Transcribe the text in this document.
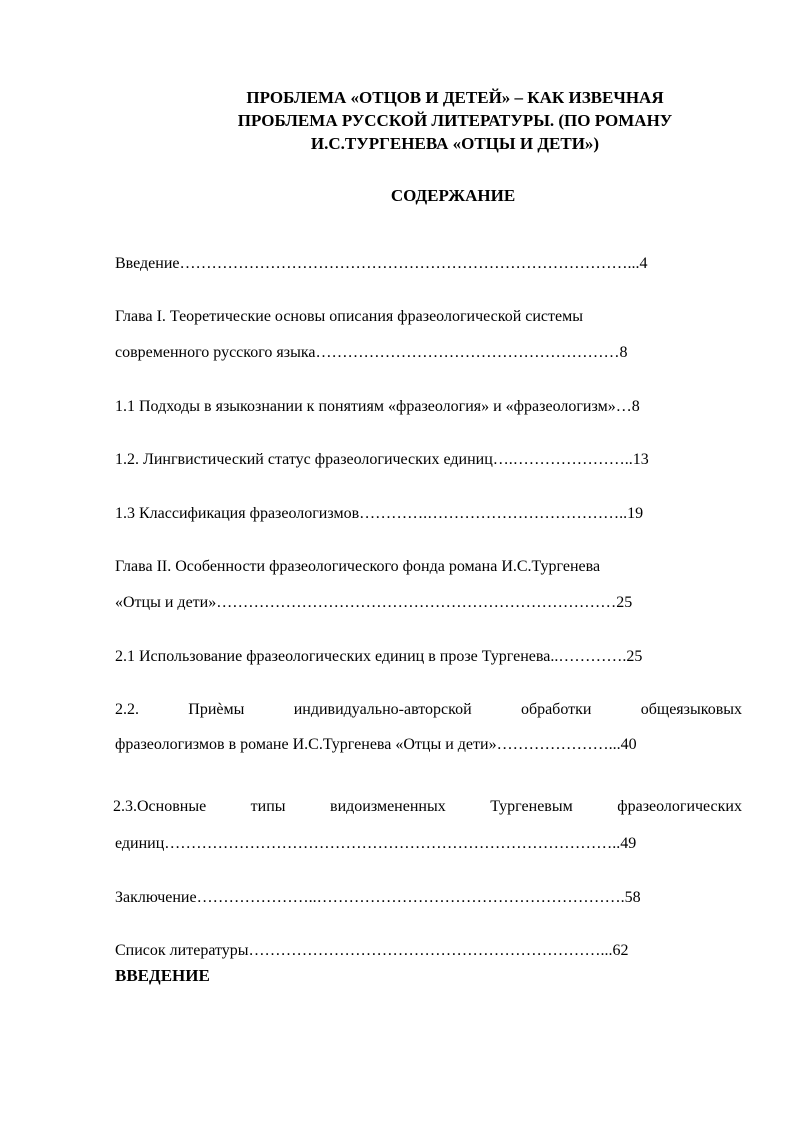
ПРОБЛЕМА «ОТЦОВ И ДЕТЕЙ» – КАК ИЗВЕЧНАЯ
ПРОБЛЕМА РУССКОЙ ЛИТЕРАТУРЫ. (ПО РОМАНУ
И.С.ТУРГЕНЕВА «ОТЦЫ И ДЕТИ»)
СОДЕРЖАНИЕ
Введение…………………………………………………………………………...4
Глава I. Теоретические основы описания фразеологической системы
современного русского языка…………………………………………………8
1.1 Подходы в языкознании к понятиям «фразеология» и «фразеологизм»…8
1.2. Лингвистический статус фразеологических единиц….…………………..13
1.3 Классификация фразеологизмов………….………………………………..19
Глава II. Особенности фразеологического фонда романа И.С.Тургенева
«Отцы и дети»…………………………………………………………………25
2.1 Использование фразеологических единиц в прозе Тургенева..………….25
2.2.	Приѐмы	индивидуально-авторской	обработки	общеязыковых
фразеологизмов в романе И.С.Тургенева «Отцы и дети»…………………...40
2.3.Основные	типы	видоизмененных	Тургеневым	фразеологических
единиц…………………………………………………………………………..49
Заключение…………………..………………………………………………….58
Список литературы…………………………………………………………...62
ВВЕДЕНИЕ
